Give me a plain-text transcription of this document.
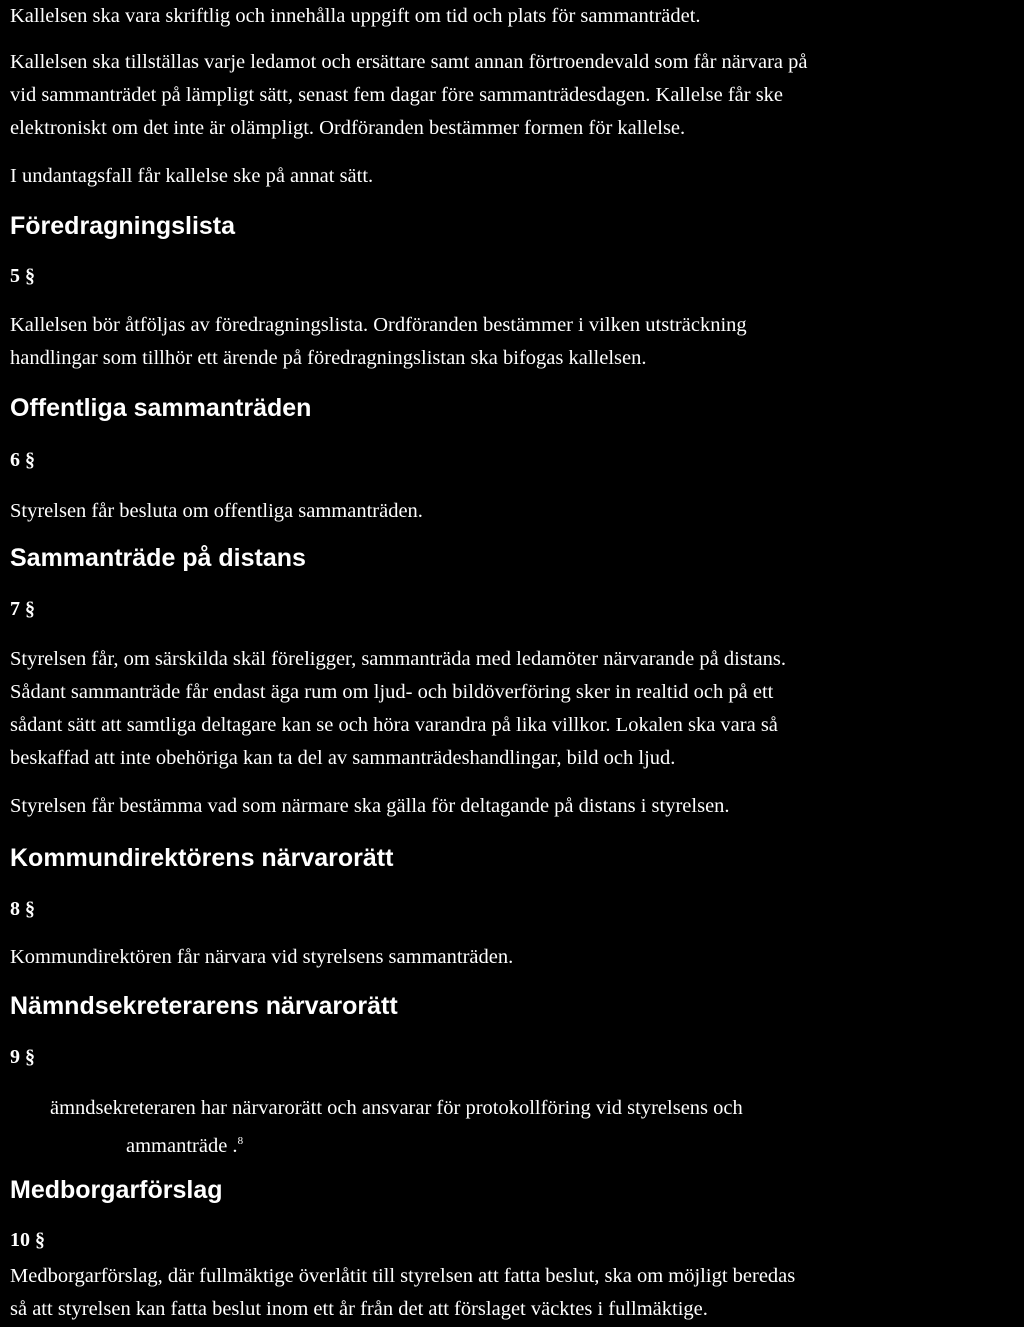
Kallelsen ska vara skriftlig och innehålla uppgift om tid och plats för sammanträdet.

Kallelsen ska tillställas varje ledamot och ersättare samt annan förtroendevald som får närvara på
vid sammanträdet på lämpligt sätt, senast fem dagar före sammanträdesdagen. Kallelse får ske
elektroniskt om det inte är olämpligt. Ordföranden bestämmer formen för kallelse.

I undantagsfall får kallelse ske på annat sätt.

Föredragningslista
5 §

Kallelsen bör åtföljas av föredragningslista. Ordföranden bestämmer i vilken utsträckning
handlingar som tillhör ett ärende på föredragningslistan ska bifogas kallelsen.

Offentliga sammanträden
6 §

Styrelsen får besluta om offentliga sammanträden.

Sammanträde på distans
7 §

Styrelsen får, om särskilda skäl föreligger, sammanträda med ledamöter närvarande på distans.
Sådant sammanträde får endast äga rum om ljud- och bildöverföring sker in realtid och på ett
sådant sätt att samtliga deltagare kan se och höra varandra på lika villkor. Lokalen ska vara så
beskaffad att inte obehöriga kan ta del av sammanträdeshandlingar, bild och ljud.

Styrelsen får bestämma vad som närmare ska gälla för deltagande på distans i styrelsen.

Kommundirektörens närvarorätt
8 §

Kommundirektören får närvara vid styrelsens sammanträden.

Nämndsekreterarens närvarorätt
9 §

ämndsekreteraren har närvarorätt och ansvarar för protokollföring vid styrelsens och

ammanträde .$^8$

Medborgarförslag
10 §

Medborgarförslag, där fullmäktige överlåtit till styrelsen att fatta beslut, ska om möjligt beredas
så att styrelsen kan fatta beslut inom ett år från det att förslaget väcktes i fullmäktige.
